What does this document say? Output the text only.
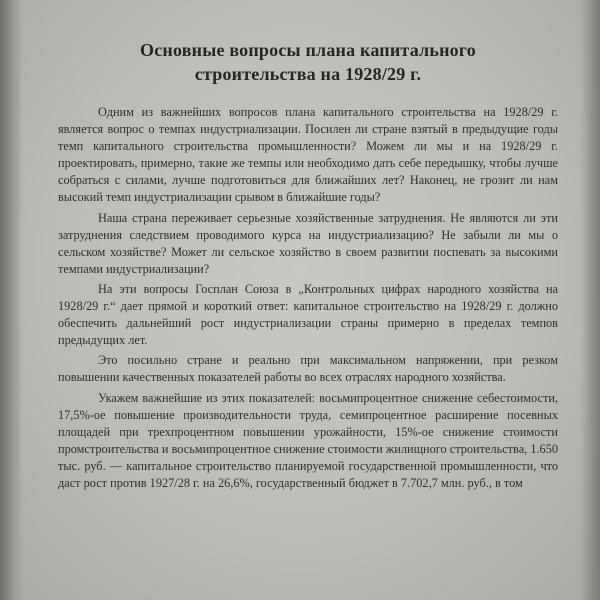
Основные вопросы плана капитального
строительства на 1928/29 г.

Одним из важнейших вопросов плана капитального строительства на 1928/29 г. является вопрос о темпах индустриализации. Посилен ли стране взятый в предыдущие годы темп капитального строительства промышленности? Можем ли мы и на 1928/29 г. проектировать, примерно, такие же темпы или необходимо дать себе передышку, чтобы лучше собраться с силами, лучше подготовиться для ближайших лет? Наконец, не грозит ли нам высокий темп индустриализации срывом в ближайшие годы?

Наша страна переживает серьезные хозяйственные затруднения. Не являются ли эти затруднения следствием проводимого курса на индустриализацию? Не забыли ли мы о сельском хозяйстве? Может ли сельское хозяйство в своем развитии поспевать за высокими темпами индустриализации?

На эти вопросы Госплан Союза в „Контрольных цифрах народного хозяйства на 1928/29 г.“ дает прямой и короткий ответ: капитальное строительство на 1928/29 г. должно обеспечить дальнейший рост индустриализации страны примерно в пределах темпов предыдущих лет.

Это посильно стране и реально при максимальном напряжении, при резком повышении качественных показателей работы во всех отраслях народного хозяйства.

Укажем важнейшие из этих показателей: восьмипроцентное снижение себестоимости, 17,5%-ое повышение производительности труда, семипроцентное расширение посевных площадей при трехпроцентном повышении урожайности, 15%-ое снижение стоимости промстроительства и восьмипроцентное снижение стоимости жилищного строительства, 1.650 тыс. руб. — капитальное строительство планируемой государственной промышленности, что даст рост против 1927/28 г. на 26,6%, государственный бюджет в 7.702,7 млн. руб., в том
